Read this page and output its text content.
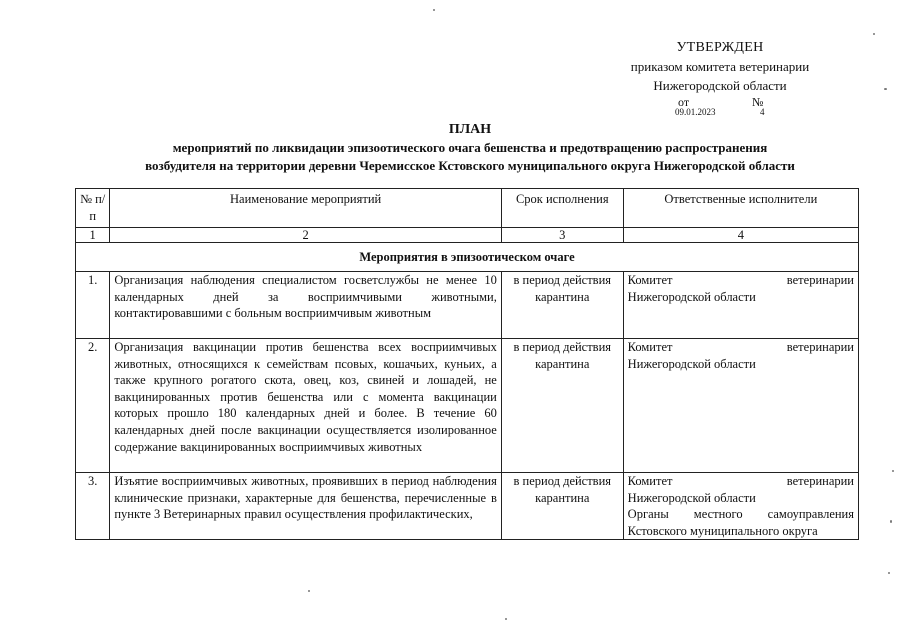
УТВЕРЖДЕН
приказом комитета ветеринарии
Нижегородской области
от	№
09.01.2023	4
ПЛАН
мероприятий по ликвидации эпизоотического очага бешенства и предотвращению распространения
возбудителя на территории деревни Черемисское Кстовского муниципального округа Нижегородской области
№ п/п	Наименование мероприятий	Срок исполнения	Ответственные исполнители
1	2	3	4
Мероприятия в эпизоотическом очаге			
1.	Организация наблюдения специалистом госветслужбы не менее 10 календарных дней за восприимчивыми животными, контактировавшими с больным восприимчивым животным	в период действия карантина	Комитет ветеринарии
Нижегородской области

2.	Организация вакцинации против бешенства всех восприимчивых животных, относящихся к семействам псовых, кошачьих, куньих, а также крупного рогатого скота, овец, коз, свиней и лошадей, не вакцинированных против бешенства или с момента вакцинации которых прошло 180 календарных дней и более. В течение 60 календарных дней после вакцинации осуществляется изолированное содержание вакцинированных восприимчивых животных	в период действия карантина	Комитет ветеринарии
Нижегородской области

3.	Изъятие восприимчивых животных, проявивших в период наблюдения клинические признаки, характерные для бешенства, перечисленные в пункте 3 Ветеринарных правил осуществления профилактических,	в период действия карантина	Комитет ветеринарии
Нижегородской области
Органы местного самоуправления
Кстовского муниципального округа
